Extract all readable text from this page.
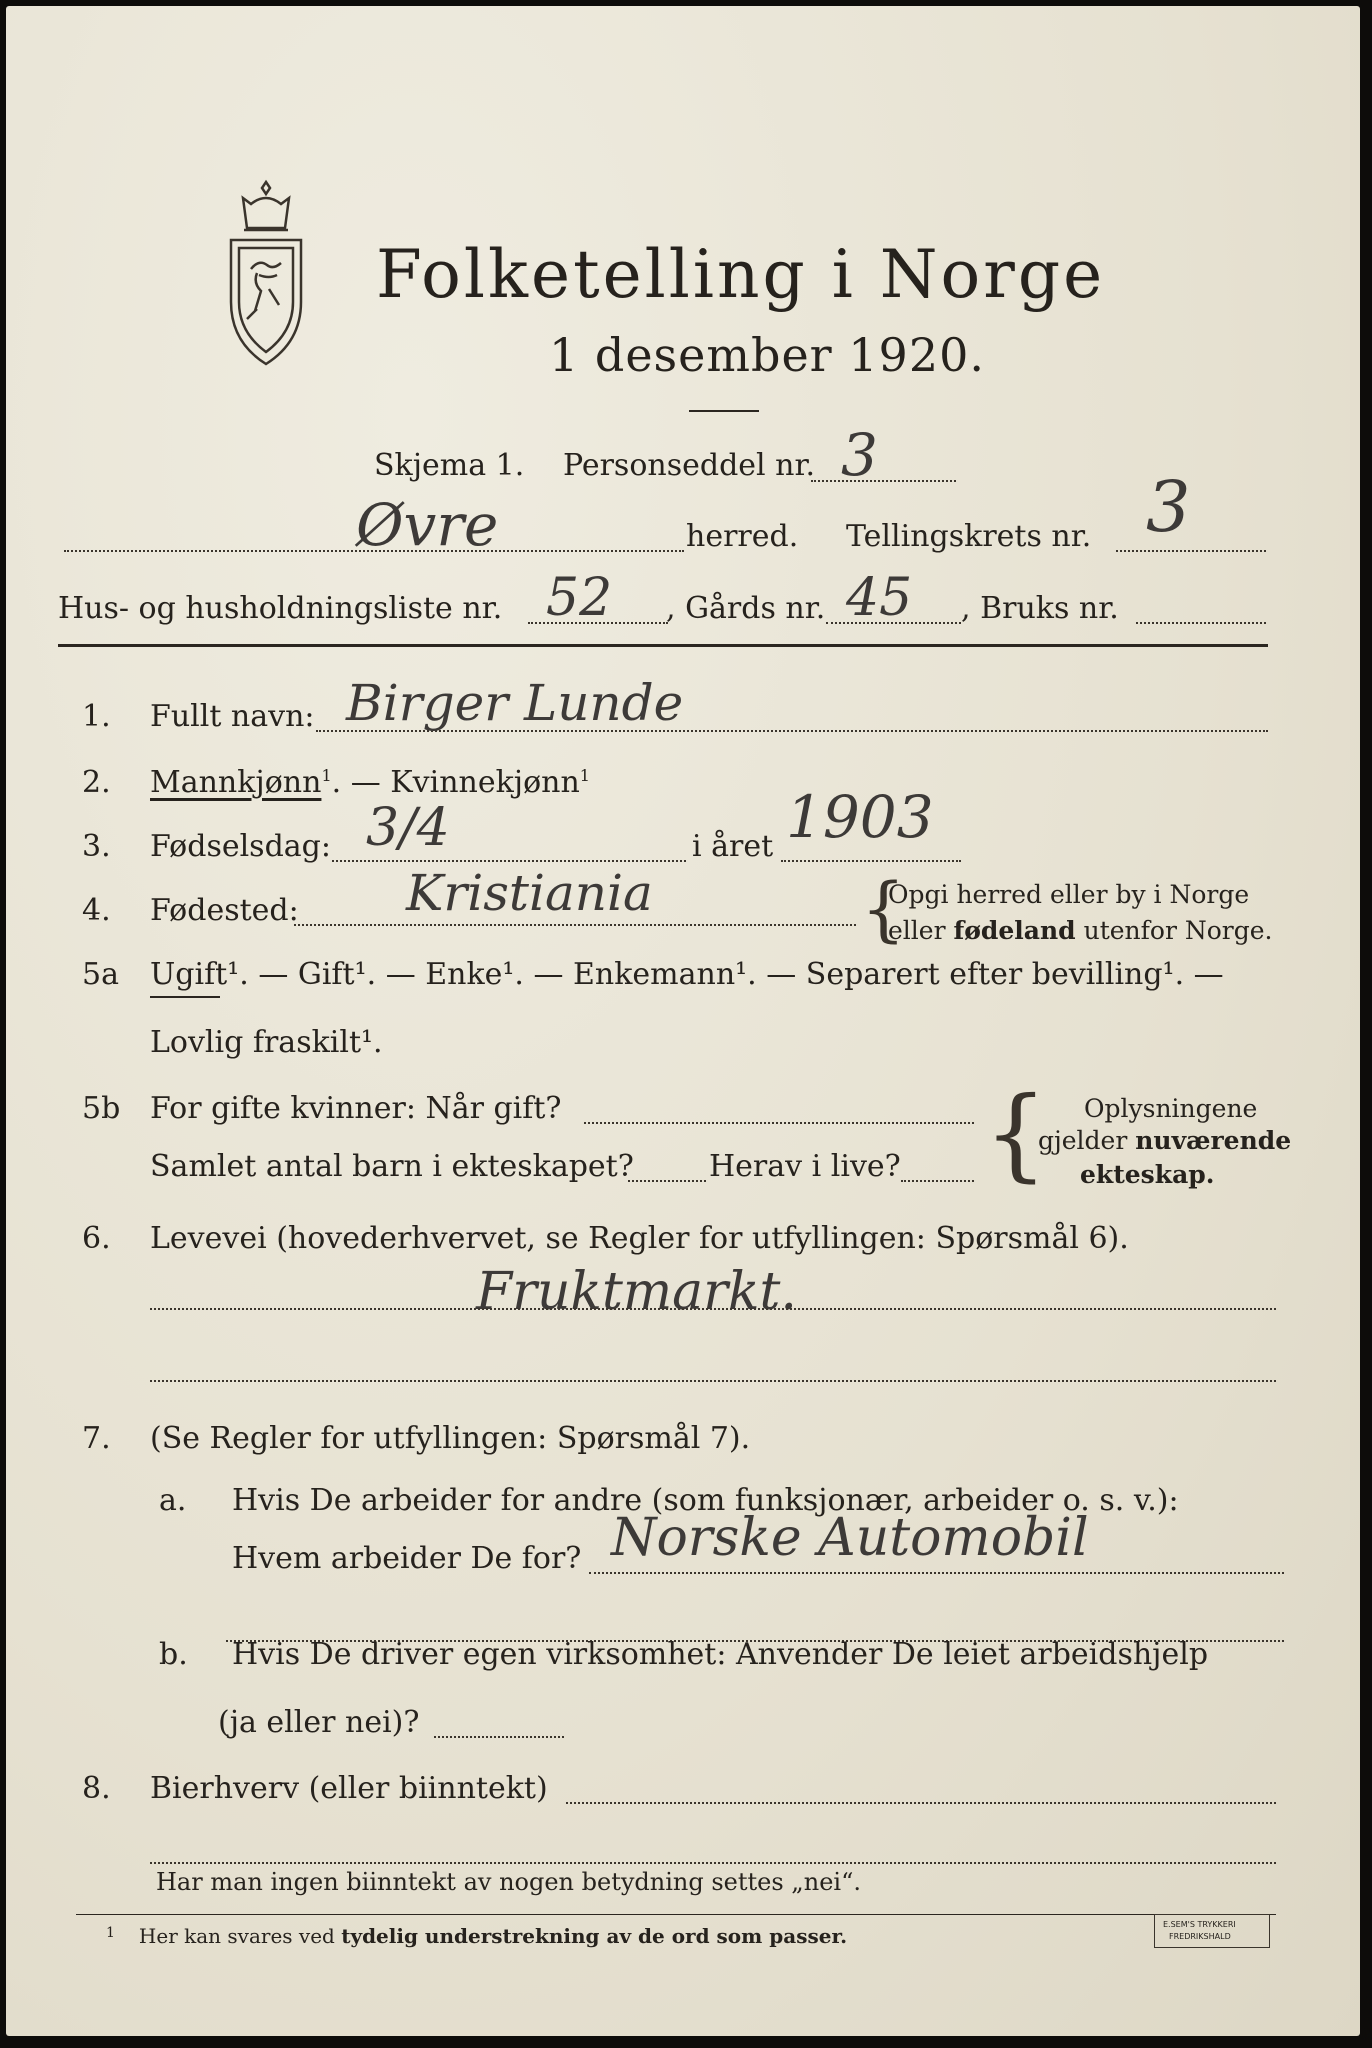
Folketelling i Norge
1 desember 1920.
Skjema 1. Personseddel nr. 3
Øvre	herred. Tellingskrets nr. 3
Hus- og husholdningsliste nr. 52 , Gårds nr. 45 , Bruks nr.
1. Fullt navn: Birger Lunde
2. Mannkjønn$^1$. — Kvinnekjønn$^1$
3. Fødselsdag: 3/4	i året 1903
4. Fødested: Kristiania	{
Opgi herred eller by i Norge
eller fødeland utenfor Norge.
5a Ugift¹. — Gift¹. — Enke¹. — Enkemann¹. — Separert efter bevilling¹. —
Lovlig fraskilt¹.
5b For gifte kvinner: Når gift?
Samlet antal barn i ekteskapet?	Herav i live? { Oplysningene
gjelder nuværende
ekteskap.
6. Levevei (hovederhvervet, se Regler for utfyllingen: Spørsmål 6).
Fruktmarkt.
7. (Se Regler for utfyllingen: Spørsmål 7).
a. Hvis De arbeider for andre (som funksjonær, arbeider o. s. v.):
Hvem arbeider De for? Norske Automobil
b. Hvis De driver egen virksomhet: Anvender De leiet arbeidshjelp
(ja eller nei)?
8. Bierhverv (eller biinntekt)
Har man ingen biinntekt av nogen betydning settes „nei“.
$^1$ Her kan svares ved tydelig understrekning av de ord som passer.	E.SEM'S TRYKKERI
FREDRIKSHALD
